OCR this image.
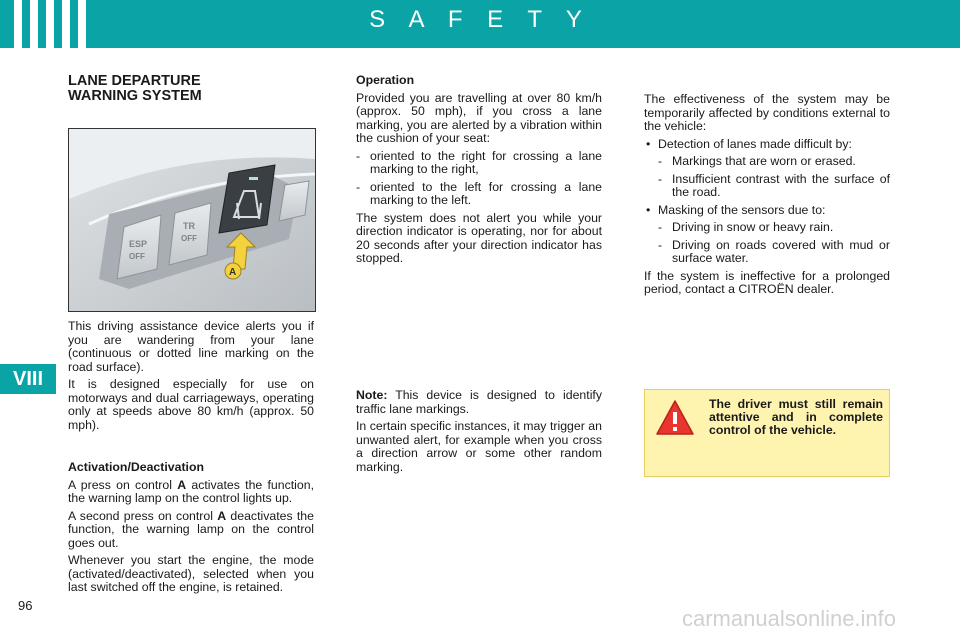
S A F E T Y
VIII
96

LANE DEPARTURE
WARNING SYSTEM

ESP
OFF
TR
OFF
A

This driving assistance device alerts you if you are wandering from your lane (continuous or dotted line marking on the road surface).

It is designed especially for use on motorways and dual carriageways, operating only at speeds above 80 km/h (approx. 50 mph).

Activation/Deactivation

A press on control A activates the function, the warning lamp on the control lights up.

A second press on control A deactivates the function, the warning lamp on the control goes out.

Whenever you start the engine, the mode (activated/deactivated), selected when you last switched off the engine, is retained.

Operation

Provided you are travelling at over 80 km/h (approx. 50 mph), if you cross a lane marking, you are alerted by a vibration within the cushion of your seat:

- oriented to the right for crossing a lane marking to the right,
- oriented to the left for crossing a lane marking to the left.

The system does not alert you while your direction indicator is operating, nor for about 20 seconds after your direction indicator has stopped.

Note: This device is designed to identify traffic lane markings.

In certain specific instances, it may trigger an unwanted alert, for example when you cross a direction arrow or some other random marking.

The effectiveness of the system may be temporarily affected by conditions external to the vehicle:

• Detection of lanes made difficult by:
- Markings that are worn or erased.
- Insufficient contrast with the surface of the road.
• Masking of the sensors due to:
- Driving in snow or heavy rain.
- Driving on roads covered with mud or surface water.

If the system is ineffective for a prolonged period, contact a CITROËN dealer.

The driver must still remain attentive and in complete control of the vehicle.
carmanualsonline.info
